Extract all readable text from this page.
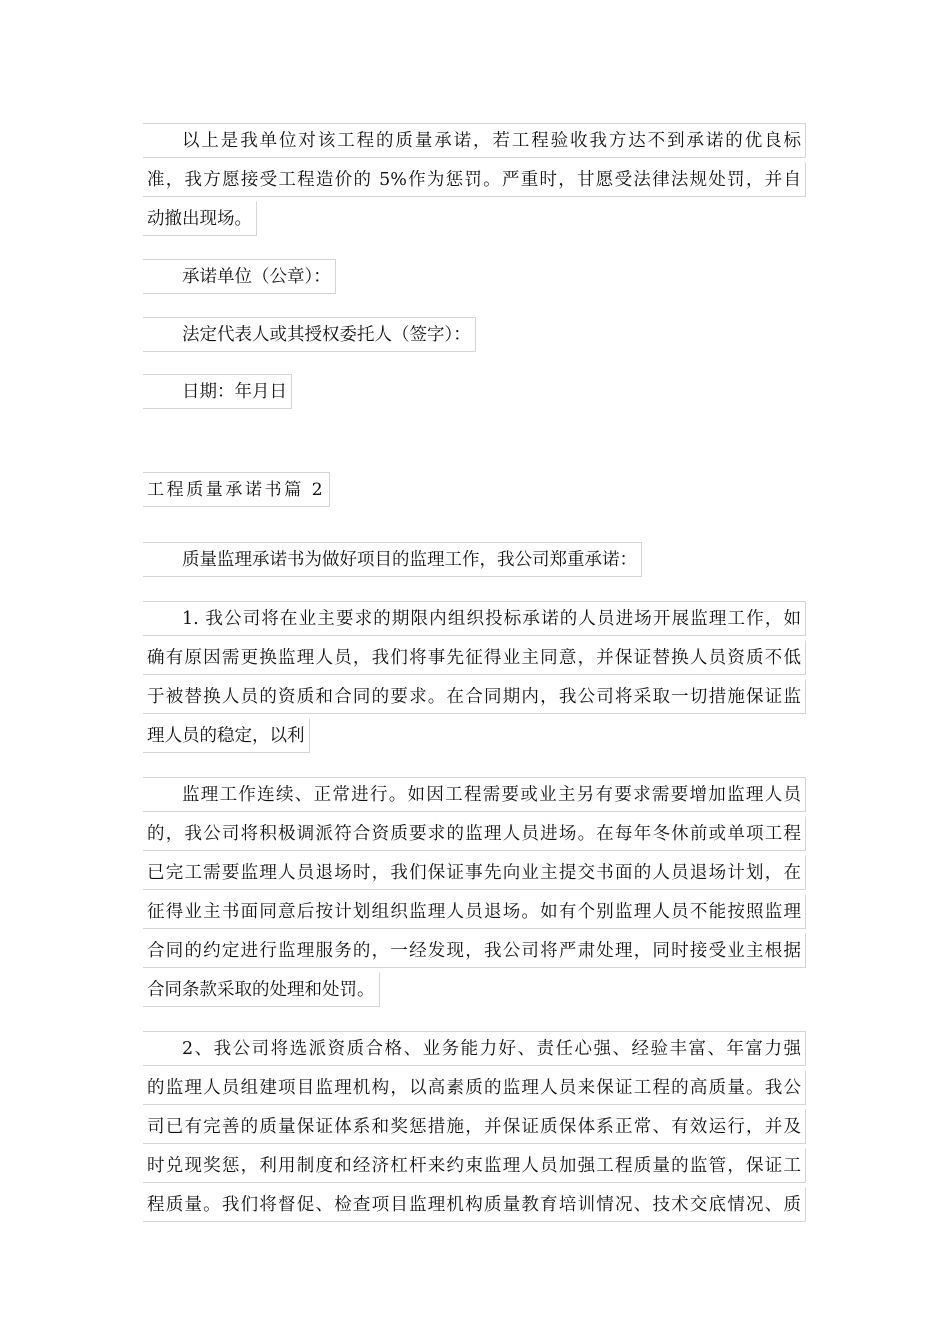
以上是我单位对该工程的质量承诺，若工程验收我方达不到承诺的优良标
准，我方愿接受工程造价的 5%作为惩罚。严重时，甘愿受法律法规处罚，并自
动撤出现场。
承诺单位（公章）：
法定代表人或其授权委托人（签字）：
日期：年月日
工程质量承诺书篇 2
质量监理承诺书为做好项目的监理工作，我公司郑重承诺：
1. 我公司将在业主要求的期限内组织投标承诺的人员进场开展监理工作，如
确有原因需更换监理人员，我们将事先征得业主同意，并保证替换人员资质不低
于被替换人员的资质和合同的要求。在合同期内，我公司将采取一切措施保证监
理人员的稳定，以利
监理工作连续、正常进行。如因工程需要或业主另有要求需要增加监理人员
的，我公司将积极调派符合资质要求的监理人员进场。在每年冬休前或单项工程
已完工需要监理人员退场时，我们保证事先向业主提交书面的人员退场计划，在
征得业主书面同意后按计划组织监理人员退场。如有个别监理人员不能按照监理
合同的约定进行监理服务的，一经发现，我公司将严肃处理，同时接受业主根据
合同条款采取的处理和处罚。
2、我公司将选派资质合格、业务能力好、责任心强、经验丰富、年富力强
的监理人员组建项目监理机构，以高素质的监理人员来保证工程的高质量。我公
司已有完善的质量保证体系和奖惩措施，并保证质保体系正常、有效运行，并及
时兑现奖惩，利用制度和经济杠杆来约束监理人员加强工程质量的监管，保证工
程质量。我们将督促、检查项目监理机构质量教育培训情况、技术交底情况、质
